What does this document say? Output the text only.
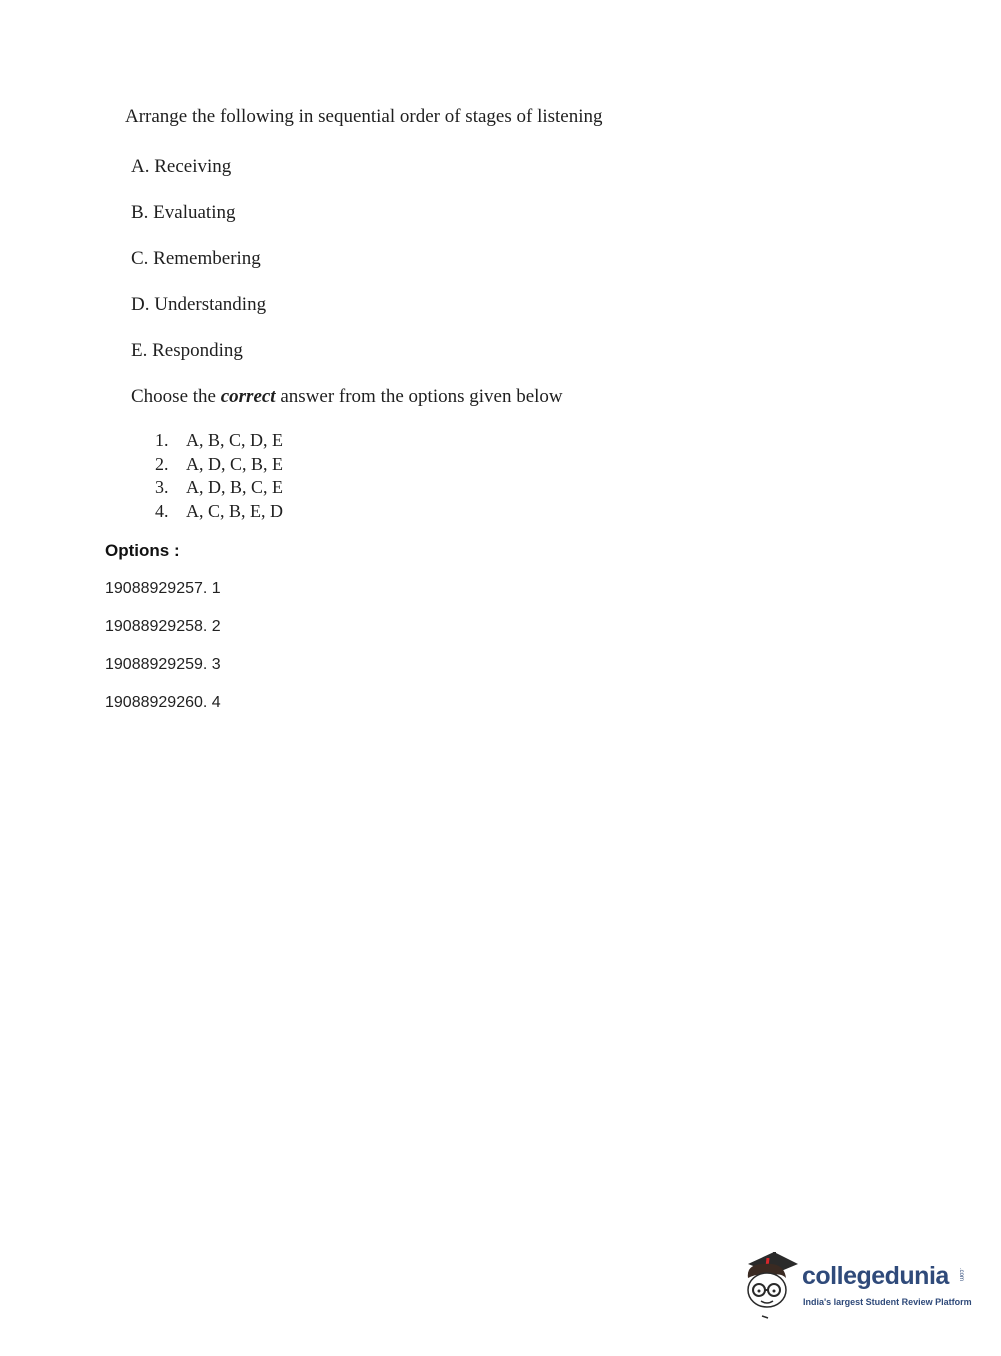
Arrange the following in sequential order of stages of listening
A. Receiving
B. Evaluating
C. Remembering
D. Understanding
E. Responding
Choose the correct answer from the options given below
1. A, B, C, D, E
2. A, D, C, B, E
3. A, D, B, C, E
4. A, C, B, E, D
Options :
19088929257. 1
19088929258. 2
19088929259. 3
19088929260. 4
collegedunia .com
India's largest Student Review Platform
